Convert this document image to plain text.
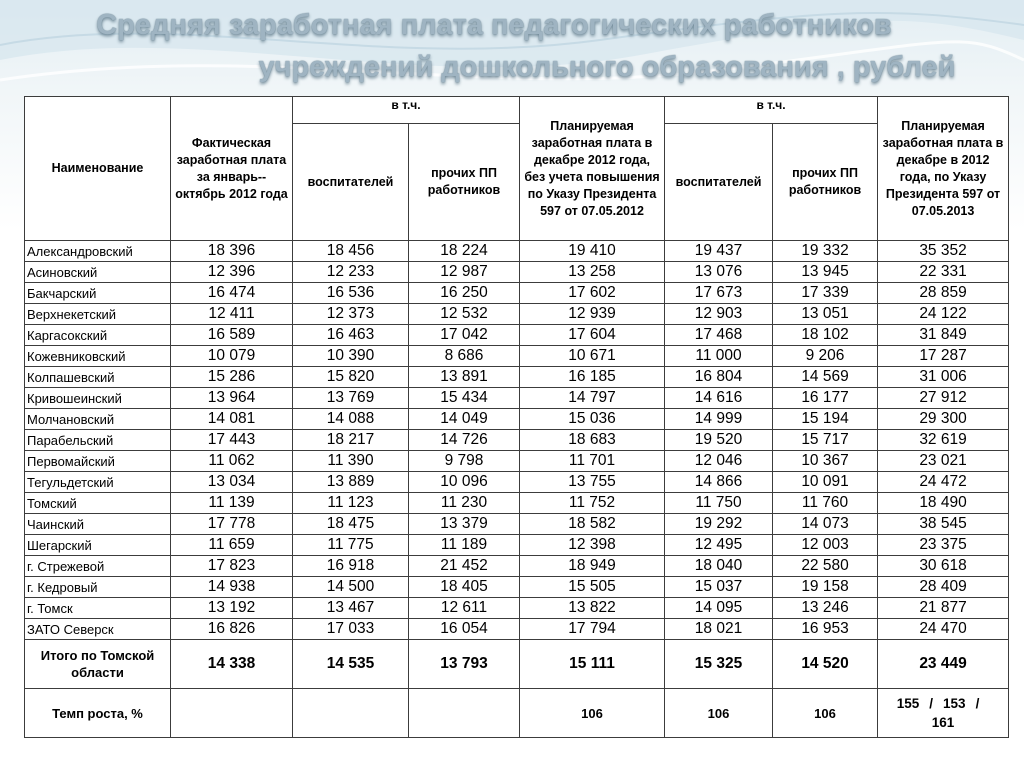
Средняя заработная плата педагогических работников
учреждений дошкольного образования , рублей
Наименование	Фактическая заработная плата за январь--октябрь 2012 года	в т.ч.		Планируемая заработная плата в декабре 2012 года, без учета повышения по Указу Президента 597 от 07.05.2012	в т.ч.		Планируемая заработная плата в декабре в 2012 года, по Указу Президента 597 от 07.05.2013
		воспитателей	прочих ПП работников		воспитателей	прочих ПП работников	
Александровский	18 396	18 456	18 224	19 410	19 437	19 332	35 352
Асиновский	12 396	12 233	12 987	13 258	13 076	13 945	22 331
Бакчарский	16 474	16 536	16 250	17 602	17 673	17 339	28 859
Верхнекетский	12 411	12 373	12 532	12 939	12 903	13 051	24 122
Каргасокский	16 589	16 463	17 042	17 604	17 468	18 102	31 849
Кожевниковский	10 079	10 390	8 686	10 671	11 000	9 206	17 287
Колпашевский	15 286	15 820	13 891	16 185	16 804	14 569	31 006
Кривошеинский	13 964	13 769	15 434	14 797	14 616	16 177	27 912
Молчановский	14 081	14 088	14 049	15 036	14 999	15 194	29 300
Парабельский	17 443	18 217	14 726	18 683	19 520	15 717	32 619
Первомайский	11 062	11 390	9 798	11 701	12 046	10 367	23 021
Тегульдетский	13 034	13 889	10 096	13 755	14 866	10 091	24 472
Томский	11 139	11 123	11 230	11 752	11 750	11 760	18 490
Чаинский	17 778	18 475	13 379	18 582	19 292	14 073	38 545
Шегарский	11 659	11 775	11 189	12 398	12 495	12 003	23 375
г. Стрежевой	17 823	16 918	21 452	18 949	18 040	22 580	30 618
г. Кедровый	14 938	14 500	18 405	15 505	15 037	19 158	28 409
г. Томск	13 192	13 467	12 611	13 822	14 095	13 246	21 877
ЗАТО Северск	16 826	17 033	16 054	17 794	18 021	16 953	24 470
Итого по Томской области	14 338	14 535	13 793	15 111	15 325	14 520	23 449
Темп роста, %				106	106	106	155 / 153 /
161
